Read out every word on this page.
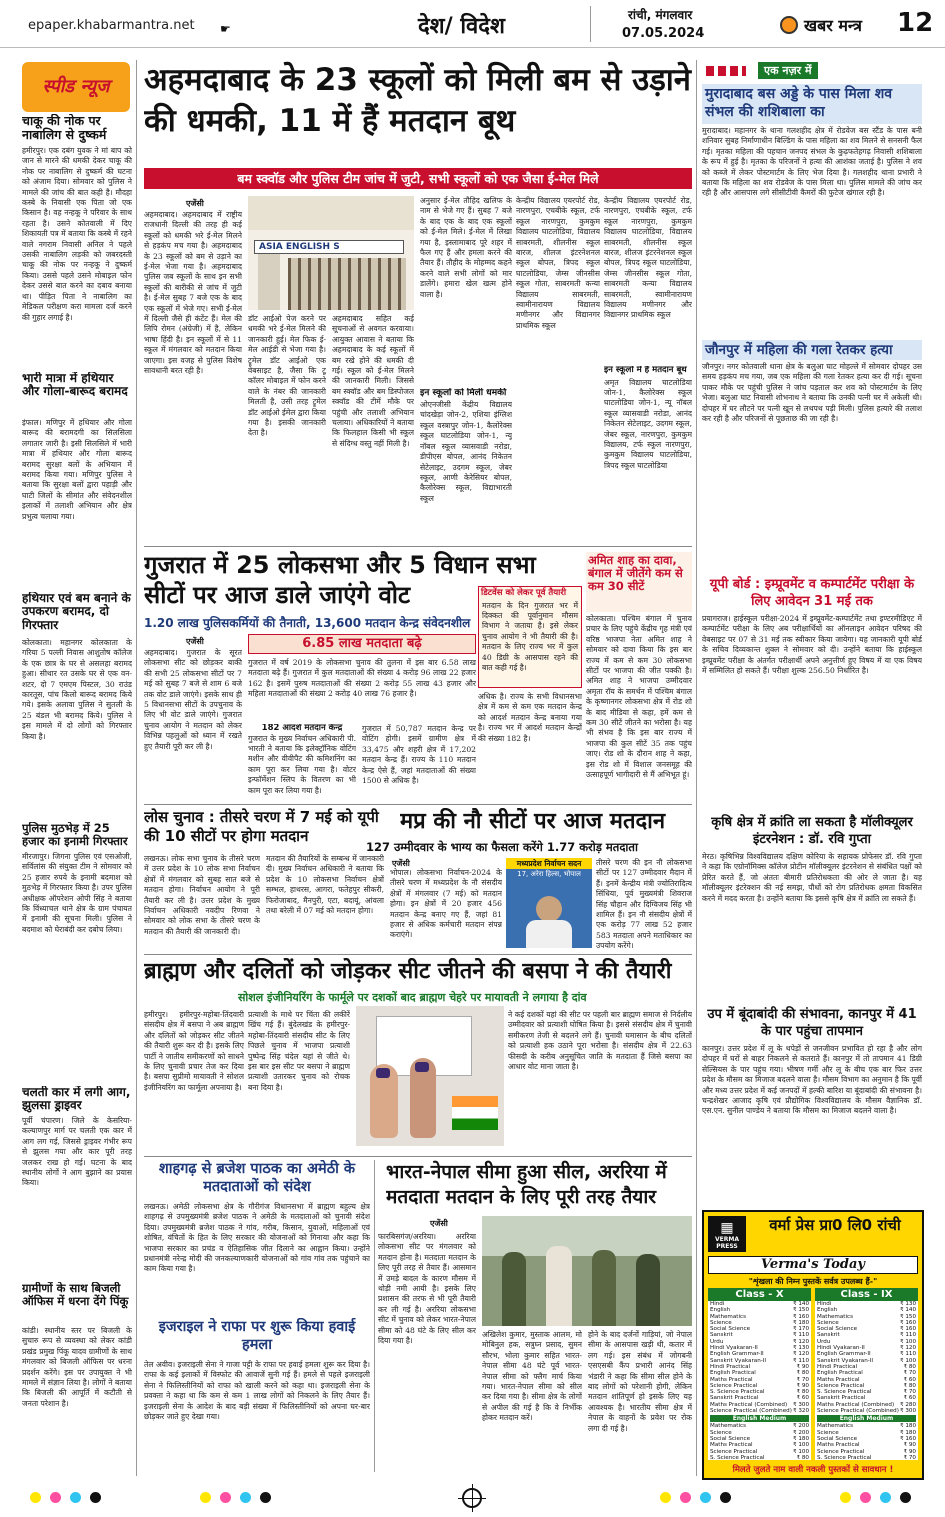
epaper.khabarmantra.net ☛	देश/ विदेश	रांची, मंगलवार
07.05.2024	खबर मन्त्र 12
स्पीड न्यूज
चाकू की नोक पर नाबालिग से दुष्कर्म
हमीरपुर। एक दबंग युवक ने मां बाप को जान से मारने की धमकी देकर चाकू की नोक पर नाबालिग से दुष्कर्म की घटना को अंजाम दिया। सोमवार को पुलिस ने मामले की जांच की बात कही है। मौदहा कस्बे के निवासी एक पिता जो एक किसान है। वह नन्हकू ने परिवार के साथ रहता है। उसने कोतवाली में दिए शिकायती पत्र में बताया कि कस्बे में रहने वाले नगराम निवासी अनिल ने पहले उसकी नाबालिग लड़की को जबरदस्ती चाकू की नोक पर नन्हकू ने दुष्कर्म किया। उससे पहले उसने मोबाइल फोन देकर उससे बात करने का दबाव बनाया था। पीड़ित पिता ने नाबालिग का मेडिकल परीक्षण करा मामला दर्ज करने की गुहार लगाई है।
भारी मात्रा में हथियार और गोला-बारूद बरामद
इंफाल। मणिपुर में हथियार और गोला बारूद की बरामदगी का सिलसिला लगातार जारी है। इसी सिलसिले में भारी मात्रा में हथियार और गोला बारूद बरामद सुरक्षा बलों के अभियान में बरामद किया गया। मणिपुर पुलिस ने बताया कि सुरक्षा बलों द्वारा पहाड़ी और घाटी जिलों के सीमांत और संवेदनशील इलाकों में तलाशी अभियान और क्षेत्र प्रभुत्व चलाया गया।
हथियार एवं बम बनाने के उपकरण बरामद, दो गिरफ्तार
कोलकाता। महानगर कोलकाता के गरिया 5 पल्ली निवास आशुतोष कॉलेज के एक छात्र के घर से असलहा बरामद हुआ। सीथार रत उसके घर से एक वन- शटर, दो 7 एमएम पिस्टल, 30 राउंड कारतूस, पांच किलो बारूद बरामद किये गये। इसके अलावा पुलिस ने सुतली के 25 बंडल भी बरामद किये। पुलिस ने इस मामले में दो लोगों को गिरफ्तार किया है।
पुलिस मुठभेड़ में 25 हजार का इनामी गिरफ्तार
मीरजापुर। जिगना पुलिस एवं एसओजी, सर्विलांस की संयुक्त टीम ने सोमवार को 25 हजार रुपये के इनामी बदमाश को मुठभेड़ में गिरफ्तार किया है। उपर पुलिस अधीक्षक ऑपरेशन ओपी सिंह ने बताया कि विंध्याचल थाने क्षेत्र के ग्राम पंचायत में इनामी की सूचना मिली। पुलिस ने बदमाश को घेराबंदी कर दबोच लिया।
चलती कार में लगी आग, झुलसा ड्राइवर
पूर्वी चंपारण। जिले के केसरिया-कल्याणपुर मार्ग पर चलती एक कार में आग लग गई, जिससे ड्राइवर गंभीर रूप से झुलस गया और कार पूरी तरह जलकर राख हो गई। घटना के बाद स्थानीय लोगों ने आग बुझाने का प्रयास किया।
ग्रामीणों के साथ बिजली ऑफिस में धरना देंगे पिंकू
कांडी। स्थानीय स्तर पर बिजली के सुचारु रूप से व्यवस्था को लेकर कांडी प्रखंड प्रमुख पिंकू यादव ग्रामीणों के साथ मंगलवार को बिजली ऑफिस पर धरना प्रदर्शन करेंगे। इस पर उपायुक्त ने भी मामले में संज्ञान लिया है। लोगों ने बताया कि बिजली की आपूर्ति में कटौती से जनता परेशान है।
अहमदाबाद के 23 स्कूलों को मिली बम से उड़ाने की धमकी, 11 में हैं मतदान बूथ
बम स्क्वॉड और पुलिस टीम जांच में जुटी, सभी स्कूलों को एक जैसा ई-मेल मिले
एजेंसी
अहमदाबाद। अहमदाबाद में राष्ट्रीय राजधानी दिल्ली की तरह ही कई स्कूलों को धमकी भरे ई-मेल मिलने से हड़कंप मच गया है। अहमदाबाद के 23 स्कूलों को बम से उड़ाने का ई-मेल भेजा गया है। अहमदाबाद पुलिस जब स्कूलों के साथ इन सभी स्कूलों की बारीकी से जांच में जुटी है। ई-मेल सुबह 7 बजे एक के बाद एक स्कूलों में भेजे गए। सभी ई-मेल में दिल्ली जैसे ही कंटेंट हैं। मेल की लिपि रोमन (अंग्रेजी) में है, लेकिन भाषा हिंदी है। इन स्कूलों में से 11 स्कूल में मंगलवार को मतदान किया जाएगा। इस वजह से पुलिस विशेष सावधानी बरत रही है।
ASIA ENGLISH S
डॉट आईओ पेज करने पर धमकी भरे ई-मेल मिलने की जानकारी हुई। मेल फिक ई-मेल आईडी से भेजा गया है। ट्रूमेल डॉट आईओ एक वेबसाइट है, जैसा कि टू कॉलर मोबाइल में फोन करने वाले के नंबर की जानकारी मिलती है, उसी तरह ट्रूमेल डॉट आईओ ईमेल द्वारा किया गया है। इसकी जानकारी देता है।
अहमदाबाद सहित कई सूचनाओं से अवगत करवाया। आयुक्त आवास ने बताया कि अहमदाबाद के कई स्कूलों में बम रखे होने की धमकी दी गई। स्कूल को ई-मेल मिलने की जानकारी मिली। जिससे बम स्क्वॉड और बम डिस्पोजल स्क्वॉड की टीमें मौके पर पहुंची और तलाशी अभियान चलाया। अधिकारियों ने बताया कि फिलहाल किसी भी स्कूल से संदिग्ध वस्तु नहीं मिली है।
अनुसार ई-मेल तौहिद खलिफ के नाम से भेजे गए हैं। सुबह 7 बजे के बाद एक के बाद एक स्कूलों को ई-मेल मिले। ई-मेल में लिखा गया है, इस्लामाबाद पूरे शहर में फैल गए हैं और हमला करने की तैयार हैं। तौहीद के मोहम्मद कहने करने वाले सभी लोगों को मार डालेंगे। हमारा खेल खत्म होने वाला है।
इन स्कूलों को मिली धमकी
ओएनजीसी केंद्रीय विद्यालय चांदखेड़ा जोन-2, एशिया इंग्लिश स्कूल वस्त्रापुर जोन-1, कैलोरेक्स स्कूल घाटलोडिया जोन-1, न्यू नॉबल स्कूल व्यासवाडी नरोडा, डीपीएस बोपल, आनंद निकेतन सेटेलाइट, उदगम स्कूल, जेबर स्कूल, आणी केरेसियर बोपल, कैलोरेक्स स्कूल, विद्याभारती स्कूल
केन्द्रीय विद्यालय एयरपोर्ट रोड, नारणपुरा, एचबीके स्कूल, टर्फ स्कूल नारणपुरा, कुमकुम विद्यालय घाटलोडिया, विद्यालय साबरमती, शीलनीस स्कूल बारज, शीलज इंटरनेशनल स्कूल बोपल, त्रिपद स्कूल घाटलोडिया, जेम्स जीनसीस स्कूल गोता, साबरमती कन्या विद्यालय साबरमती, स्वामीनारायण विद्यालय मणीनगर और विद्यानगर प्राथमिक स्कूल
केन्द्रीय विद्यालय एयरपोर्ट रोड, नारणपुरा, एचबीके स्कूल, टर्फ स्कूल नारणपुरा, कुमकुम विद्यालय घाटलोडिया, विद्यालय साबरमती, शीलनीस स्कूल बारज, शीलज इंटरनेशनल स्कूल बोपल, त्रिपद स्कूल घाटलोडिया, जेम्स जीनसीस स्कूल गोता, साबरमती कन्या विद्यालय साबरमती, स्वामीनारायण विद्यालय मणीनगर और विद्यानगर प्राथमिक स्कूल
इन स्कूलों में हैं मतदान बूथ
अमृत विद्यालय घाटलोडिया जोन-1, कैलोरेक्स स्कूल घाटलोडिया जोन-1, न्यू नॉबल स्कूल व्यासवाडी नरोडा, आनंद निकेतन सेटेलाइट, उदगम स्कूल, जेबर स्कूल, नारणपुरा, कुमकुम विद्यालय, टर्फ स्कूल नारणपुरा, कुमकुम विद्यालय घाटलोडिया, त्रिपद स्कूल घाटलोडिया
गुजरात में 25 लोकसभा और 5 विधान सभा सीटों पर आज डाले जाएंगे वोट
1.20 लाख पुलिसकर्मियों की तैनाती, 13,600 मतदान केन्द्र संवेदनशील
एजेंसी
अहमदाबाद। गुजरात के सूरत लोकसभा सीट को छोड़कर बाकी की सभी 25 लोकसभा सीटों पर 7 मई को सुबह 7 बजे से शाम 6 बजे तक वोट डाले जाएंगे। इसके साथ ही 5 विधानसभा सीटों के उपचुनाव के लिए भी वोट डाले जाएंगे। गुजरात चुनाव आयोग ने मतदान को लेकर विभिन्न पहलुओं को ध्यान में रखते हुए तैयारी पूरी कर ली है।
6.85 लाख मतदाता बढ़े
गुजरात में वर्ष 2019 के लोकसभा चुनाव की तुलना में इस बार 6.58 लाख मतदाता बढ़े हैं। गुजरात में कुल मतदाताओं की संख्या 4 करोड़ 96 लाख 22 हजार 162 है। इसमें पुरुष मतदाताओं की संख्या 2 करोड़ 55 लाख 43 हजार और महिला मतदाताओं की संख्या 2 करोड़ 40 लाख 76 हजार है।
182 आदर्श मतदान केन्द्र
गुजरात के मुख्य निर्वाचन अधिकारी पी. भारती ने बताया कि इलेक्ट्रॉनिक वोटिंग मशीन और वीवीपैट की कमिशनिंग का काम पूरा कर लिया गया है। वोटर इन्फॉर्मेशन स्लिप के वितरण का भी काम पूरा कर लिया गया है।
गुजरात में 50,787 मतदान केन्द्र पर वोटिंग होगी। इसमें ग्रामीण क्षेत्र में 33,475 और शहरी क्षेत्र में 17,202 मतदान केन्द्र हैं। राज्य के 110 मतदान केन्द्र ऐसे हैं, जहां मतदाताओं की संख्या 1500 से अधिक है।
डिटवेंस को लेकर पूर्व तैयारी
मतदान के दिन गुजरात भर में दिक्कत की पूर्वानुमान मौसम विभाग ने जताया है। इसे लेकर चुनाव आयोग ने भी तैयारी की है। मतदान के लिए राज्य भर में कुल 40 डिग्री के आसपास रहने की बात कही गई है।
अधिक है। राज्य के सभी विधानसभा क्षेत्र में कम से कम एक मतदान केन्द्र को आदर्श मतदान केन्द्र बनाया गया है। राज्य भर में आदर्श मतदान केन्द्रों की संख्या 182 है।
अमित शाह का दावा, बंगाल में जीतेंगे कम से कम 30 सीटें
कोलकाता। पश्चिम बंगाल में चुनाव प्रचार के लिए पहुंचे केंद्रीय गृह मंत्री एवं वरिष्ठ भाजपा नेता अमित शाह ने सोमवार को दावा किया कि इस बार राज्य में कम से कम 30 लोकसभा सीटों पर भाजपा की जीत पक्की है। अमित शाह ने भाजपा उम्मीदवार अमृता रॉय के समर्थन में पश्चिम बंगाल के कृष्णानगर लोकसभा क्षेत्र में रोड शो के बाद मीडिया से कहा, हमें कम से कम 30 सीटें जीतने का भरोसा है। यह भी संभव है कि इस बार राज्य में भाजपा की कुल सीटें 35 तक पहुंच जाए। रोड शो के दौरान शाह ने कहा, इस रोड शो में विशाल जनसमूह की उत्साहपूर्ण भागीदारी से मैं अभिभूत हूं।
लोस चुनाव : तीसरे चरण में 7 मई को यूपी की 10 सीटों पर होगा मतदान
लखनऊ। लोक सभा चुनाव के तीसरे चरण में उत्तर प्रदेश के 10 लोक सभा निर्वाचन क्षेत्रों में मंगलवार को सुबह सात बजे से मतदान होगा। निर्वाचन आयोग ने पूरी तैयारी कर ली है। उत्तर प्रदेश के मुख्य निर्वाचन अधिकारी नवदीप रिणवा ने सोमवार को लोक सभा के तीसरे चरण के मतदान की तैयारी की जानकारी दी।
मतदान की तैयारियों के सम्बन्ध में जानकारी दी। मुख्य निर्वाचन अधिकारी ने बताया कि प्रदेश के 10 लोकसभा निर्वाचन क्षेत्रों सम्भल, हाथरस, आगरा, फतेहपुर सीकरी, फिरोजाबाद, मैनपुरी, एटा, बदायूं, आंवला तथा बरेली में 07 मई को मतदान होगा।
मप्र की नौ सीटों पर आज मतदान
127 उम्मीदवार के भाग्य का फैसला करेंगे 1.77 करोड़ मतदाता
एजेंसी
भोपाल। लोकसभा निर्वाचन-2024 के तीसरे चरण में मध्यप्रदेश के नौ संसदीय क्षेत्रों में मंगलवार (7 मई) को मतदान होगा। इन क्षेत्रों में 20 हजार 456 मतदान केन्द्र बनाए गए हैं, जहां 81 हजार से अधिक कर्मचारी मतदान संपन्न कराएंगे।
मध्यप्रदेश निर्वाचन सदन
17, अरेरा हिल्स, भोपाल
तीसरे चरण की इन नौ लोकसभा सीटों पर 127 उम्मीदवार मैदान में हैं। इनमें केन्द्रीय मंत्री ज्योतिरादित्य सिंधिया, पूर्व मुख्यमंत्री शिवराज सिंह चौहान और दिग्विजय सिंह भी शामिल हैं। इन नौ संसदीय क्षेत्रों में एक करोड़ 77 लाख 52 हजार 583 मतदाता अपने मताधिकार का उपयोग करेंगे।
ब्राह्मण और दलितों को जोड़कर सीट जीतने की बसपा ने की तैयारी
सोशल इंजीनियरिंग के फार्मूले पर दशकों बाद ब्राह्मण चेहरे पर मायावती ने लगाया है दांव
हमीरपुर। हमीरपुर-महोबा-तिंदवारी संसदीय क्षेत्र में बसपा ने अब ब्राह्मण और दलितों को जोड़कर सीट जीतने की तैयारी शुरू कर दी है। इसके लिए पार्टी ने जातीय समीकरणों को साधने के लिए चुनावी प्रचार तेज कर दिया है। बसपा सुप्रीमो मायावती ने सोशल इंजीनियरिंग का फार्मूला अपनाया है।
प्रत्याशी के माथे पर चिंता की लकीरें खिंच गई हैं। बुंदेलखंड के हमीरपुर-महोबा-तिंदवारी संसदीय सीट के लिए पिछले चुनाव में भाजपा प्रत्याशी पुष्पेन्द्र सिंह चंदेल यहां से जीते थे। इस बार इस सीट पर बसपा ने ब्राह्मण प्रत्याशी उतारकर चुनाव को रोचक बना दिया है।
ने कई दशकों यहां की सीट पर पहली बार ब्राह्मण समाज से निर्दलीय उम्मीदवार को प्रत्याशी घोषित किया है। इससे संसदीय क्षेत्र में चुनावी समीकरण तेजी से बदलने लगे हैं। चुनावी घमासान के बीच दलितों को प्रत्याशी हक उठाने पूरा भरोसा है। संसदीय क्षेत्र में 22.63 फीसदी के करीब अनुसूचित जाति के मतदाता हैं जिसे बसपा का आधार वोट माना जाता है।
शाहगढ़ से ब्रजेश पाठक का अमेठी के मतदाताओं को संदेश
लखनऊ। अमेठी लोकसभा क्षेत्र के गौरीगंज विधानसभा में ब्राह्मण बहुल्य क्षेत्र शाहगढ़ से उपमुख्यमंत्री ब्रजेश पाठक ने अमेठी के मतदाताओं को चुनावी संदेश दिया। उपमुख्यमंत्री ब्रजेश पाठक ने गांव, गरीब, किसान, युवाओं, महिलाओं एवं शोषित, वंचितों के हित के लिए सरकार की योजनाओं को गिनाया और कहा कि भाजपा सरकार का प्रचंड व ऐतिहासिक जीत दिलाने का आह्वान किया। उन्होंने प्रधानमंत्री नरेन्द्र मोदी की जनकल्याणकारी योजनाओं को गांव गांव तक पहुंचाने का काम किया गया है।
इजराइल ने राफा पर शुरू किया हवाई हमला
तेल अवीव। इजराइली सेना ने गाजा पट्टी के राफा पर हवाई हमला शुरू कर दिया है। राफा के कई इलाकों में विस्फोट की आवाजें सुनी गई हैं। हमले से पहले इजराइली सेना ने फिलिस्तीनियों को राफा को खाली करने को कहा था। इजराइली सेना के प्रवक्ता ने कहा था कि कम से कम 1 लाख लोगों को निकलने के लिए तैयार हैं। इजराइली सेना के आदेश के बाद बड़ी संख्या में फिलिस्तीनियों को अपना घर-बार छोड़कर जाते हुए देखा गया।
भारत-नेपाल सीमा हुआ सील, अररिया में मतदाता मतदान के लिए पूरी तरह तैयार
एजेंसी
फारबिसगंज/अररिया। अररिया लोकसभा सीट पर मंगलवार को मतदान होना है। मतदाता मतदान के लिए पूरी तरह से तैयार हैं। आसमान में उमड़े बादल के कारण मौसम में थोड़ी नमी आयी है। इसके लिए प्रशासन की तरफ से भी पूरी तैयारी कर ली गई है। अररिया लोकसभा सीट में चुनाव को लेकर भारत-नेपाल सीमा को 48 घंटे के लिए सील कर दिया गया है।
अखिलेश कुमार, मुस्ताक आलम, मो मोबिनुल हक, सत्रुघ्न प्रसाद, सुमन सौरभ, भोला कुमार सहित भारत-नेपाल सीमा 48 घंटे पूर्व भारत-नेपाल सीमा को फ्लैग मार्च किया गया। भारत-नेपाल सीमा को सील कर दिया गया है। सीमा क्षेत्र के लोगों से अपील की गई है कि वे निर्भीक होकर मतदान करें।
होने के बाद दर्जनों गाड़ियां, जो नेपाल सीमा के आसपास खड़ी थी, कतार में लग गई। इस संबंध में जोगबनी एसएसबी कैंप प्रभारी आनंद सिंह भंडारी ने कहा कि सीमा सील होने के बाद लोगों को परेशानी होगी, लेकिन मतदान शांतिपूर्ण हो इसके लिए यह आवश्यक है। भारतीय सीमा क्षेत्र में नेपाल के वाहनों के प्रवेश पर रोक लगा दी गई है।
एक नज़र में
मुरादाबाद बस अड्डे के पास मिला शव संभल की शशिबाला का
मुरादाबाद। महानगर के थाना गलशहीद क्षेत्र में रोडवेज बस स्टैंड के पास बनी शनिवार सुबह निर्माणाधीन बिल्डिंग के पास महिला का शव मिलने से सनसनी फैल गई। मृतका महिला की पहचान जनपद संभल के कुढ़फतेहगढ़ निवासी शशिबाला के रूप में हुई है। मृतका के परिजनों ने हत्या की आशंका जताई है। पुलिस ने शव को कब्जे में लेकर पोस्टमार्टम के लिए भेज दिया है। गलशहीद थाना प्रभारी ने बताया कि महिला का शव रोडवेज के पास मिला था। पुलिस मामले की जांच कर रही है और आसपास लगे सीसीटीवी कैमरों की फुटेज खंगाल रही है।
जौनपुर में महिला की गला रेतकर हत्या
जौनपुर। नगर कोतवाली थाना क्षेत्र के बलुआ घाट मोहल्ले में सोमवार दोपहर उस समय हड़कंप मच गया, जब एक महिला की गला रेतकर हत्या कर दी गई। सूचना पाकर मौके पर पहुंची पुलिस ने जांच पड़ताल कर शव को पोस्टमार्टम के लिए भेजा। बलुआ घाट निवासी शोभनाथ ने बताया कि उनकी पत्नी घर में अकेली थी। दोपहर में घर लौटने पर पत्नी खून से लथपथ पड़ी मिली। पुलिस हत्यारे की तलाश कर रही है और परिजनों से पूछताछ की जा रही है।
यूपी बोर्ड : इम्प्रूवमेंट व कम्पार्टमेंट परीक्षा के लिए आवेदन 31 मई तक
प्रयागराज। हाईस्कूल परीक्षा-2024 में इम्प्रूवमेंट-कम्पार्टमेंट तथा इण्टरमीडिएट में कम्पार्टमेंट परीक्षा के लिए अब परीक्षार्थियों का ऑनलाइन आवेदन परिषद की वेबसाइट पर 07 से 31 मई तक स्वीकार किया जायेगा। यह जानकारी यूपी बोर्ड के सचिव दिव्यकान्त शुक्ल ने सोमवार को दी। उन्होंने बताया कि हाईस्कूल इम्प्रूवमेंट परीक्षा के अंतर्गत परीक्षार्थी अपने अनुत्तीर्ण हुए विषय में या एक विषय में सम्मिलित हो सकते हैं। परीक्षा शुल्क 256.50 निर्धारित है।
कृषि क्षेत्र में क्रांति ला सकता है मॉलीक्यूलर इंटरनेशन : डॉ. रवि गुप्ता
मेरठ। कृषिभिन्न विश्वविद्यालय दक्षिण कोरिया के सहायक प्रोफेसर डॉ. रवि गुप्ता ने कहा कि एग्रोनॉमिक्स कॉलेज प्रोटीन मॉलीक्यूलर इंटरनेशन से संबंधित पक्षों को प्रेरित करते हैं, जो अंततः बीमारी प्रतिरोधकता की ओर ले जाता है। यह मॉलीक्यूलर इंटरेक्शन की नई समझ, पौधों को रोग प्रतिरोधक क्षमता विकसित करने में मदद करता है। उन्होंने बताया कि इससे कृषि क्षेत्र में क्रांति ला सकते हैं।
उप में बूंदाबांदी की संभावना, कानपुर में 41 के पार पहुंचा तापमान
कानपुर। उत्तर प्रदेश में लू के थपेड़ों से जनजीवन प्रभावित हो रहा है और लोग दोपहर में घरों से बाहर निकलने से कतराते हैं। कानपुर में तो तापमान 41 डिग्री सेल्सियस के पार पहुंच गया। भीषण गर्मी और लू के बीच एक बार फिर उत्तर प्रदेश के मौसम का मिजाज बदलने वाला है। मौसम विभाग का अनुमान है कि पूर्वी और मध्य उत्तर प्रदेश में कई जनपदों में हल्की बारिश या बूंदाबांदी की संभावना है। चन्द्रशेखर आजाद कृषि एवं प्रौद्योगिक विश्वविद्यालय के मौसम वैज्ञानिक डॉ. एस.एन. सुनील पाण्डेय ने बताया कि मौसम का मिजाज बदलने वाला है।
▦
VERMA PRESS
वर्मा प्रेस प्रा0 लि0 रांची
Verma's Today
"शृंखला की निम्न पुस्तकें सर्वत्र उपलब्ध हैं-"
Class - X
Hindi	₹ 140
English	₹ 150
Mathematics	₹ 160
Science	₹ 180
Social Science	₹ 170
Sanskrit	₹ 110
Urdu	₹ 120
Hindi Vyakaran-II	₹ 130
English Grammar-II	₹ 120
Sanskrit Vyakaran-II	₹ 110
Hindi Practical	₹ 90
English Practical	₹ 80
Maths Practical	₹ 70
Science Practical	₹ 90
S. Science Practical	₹ 80
Sanskrit Practical	₹ 60
Maths Practical (Combined) ₹ 300
Science Practical (Combined) ₹ 320
English Medium
Mathematics	₹ 200
Science	₹ 200
Social Science	₹ 180
Maths Practical	₹ 100
Science Practical	₹ 100
S. Science Practical	₹ 80
Class - IX
Hindi	₹ 130
English	₹ 140
Mathematics	₹ 150
Science	₹ 160
Social Science	₹ 160
Sanskrit	₹ 110
Urdu	₹ 100
Hindi Vyakaran-II	₹ 120
English Grammar-II	₹ 110
Sanskrit Vyakaran-II	₹ 100
Hindi Practical	₹ 80
English Practical	₹ 70
Maths Practical	₹ 60
Science Practical	₹ 80
S. Science Practical	₹ 70
Sanskrit Practical	₹ 60
Maths Practical (Combined) ₹ 280
Science Practical (Combined) ₹ 300
English Medium
Mathematics	₹ 180
Science	₹ 180
Social Science	₹ 160
Maths Practical	₹ 90
Science Practical	₹ 90
S. Science Practical	₹ 70
मिलते जुलते नाम वाली नकली पुस्तकों से सावधान !
